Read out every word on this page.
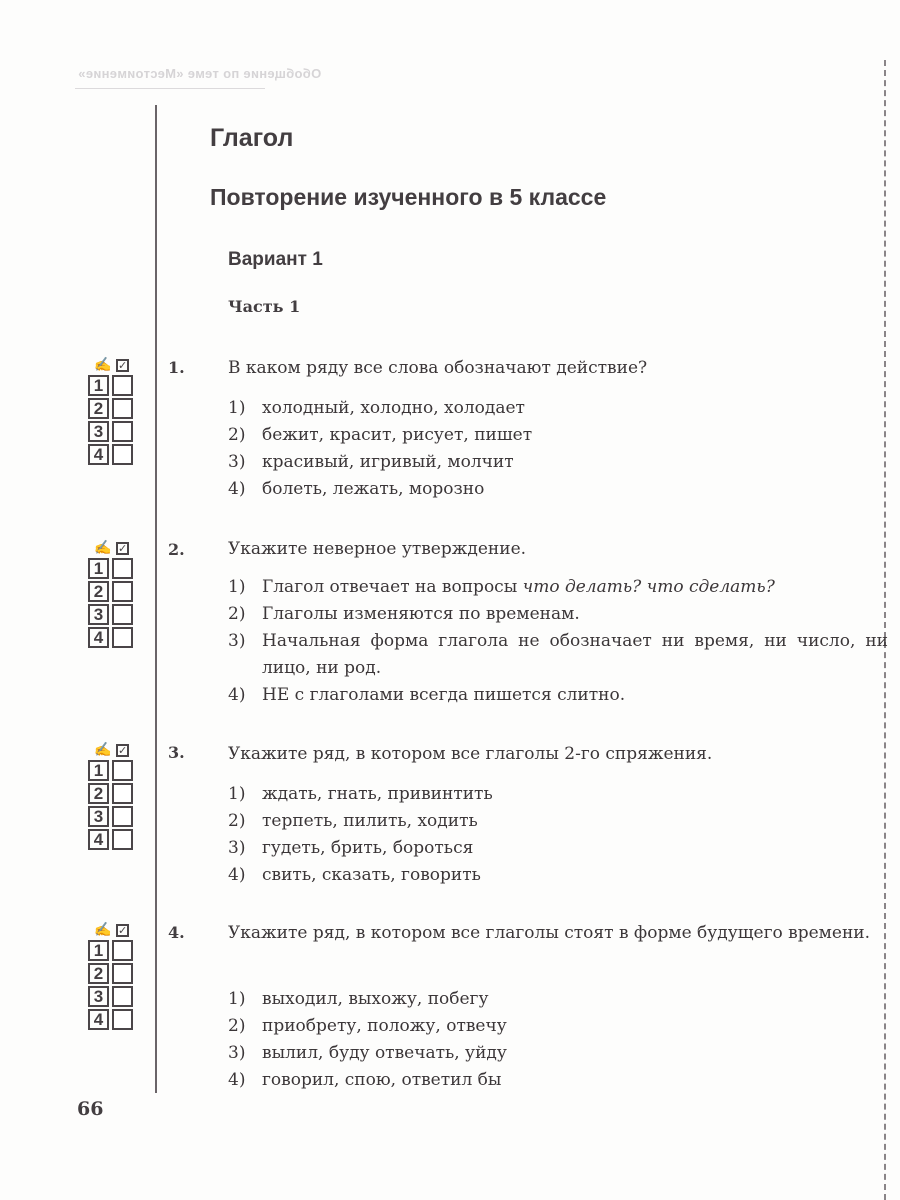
Обобщение по теме «Местоимение»
Глагол
Повторение изученного в 5 классе
Вариант 1
Часть 1
✍ ✓
1
2
3
4
1.	В каком ряду все слова обозначают действие?
1) холодный, холодно, холодает
2) бежит, красит, рисует, пишет
3) красивый, игривый, молчит
4) болеть, лежать, морозно
✍ ✓
1
2
3
4
2.	Укажите неверное утверждение.
1) Глагол отвечает на вопросы что делать? что сделать?
2) Глаголы изменяются по временам.
3) Начальная форма глагола не обозначает ни время, ни число, ни лицо, ни род.
4) НЕ с глаголами всегда пишется слитно.
✍ ✓
1
2
3
4
3.	Укажите ряд, в котором все глаголы 2-го спряжения.
1) ждать, гнать, привинтить
2) терпеть, пилить, ходить
3) гудеть, брить, бороться
4) свить, сказать, говорить
✍ ✓
1
2
3
4
4.	Укажите ряд, в котором все глаголы стоят в форме будущего времени.
1) выходил, выхожу, побегу
2) приобрету, положу, отвечу
3) вылил, буду отвечать, уйду
4) говорил, спою, ответил бы
66
